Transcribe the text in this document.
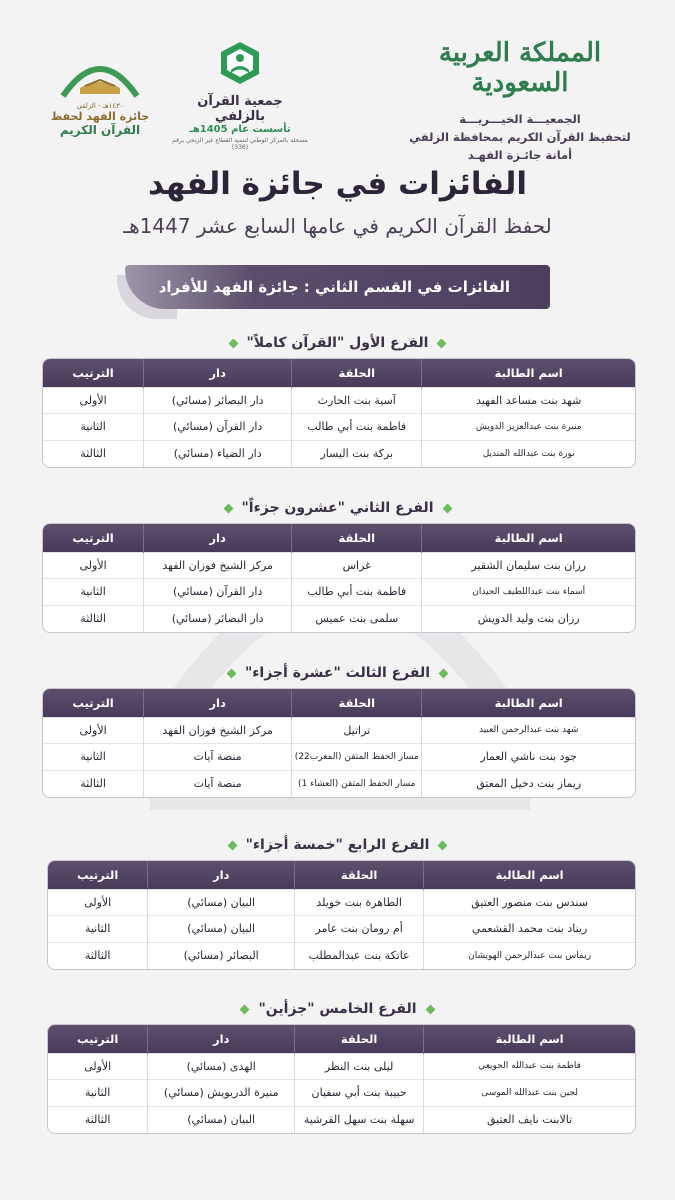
المملكة العربية السعودية
الجمعيـــة الخيـــريـــة
لتحفيظ القرآن الكريم بمحافظة الزلفي
أمانة جائـزة الفهـد
جمعية القرآن بالزلفي
تأسست عام 1405هـ
مسجلة بالمركز الوطني لتنمية القطاع غير الربحي برقم (336)
١٤٣٠هـ - الزلفي
جائزة الفهد لحفظ
القرآن الكريم
الفائزات في جائزة الفهد
لحفظ القرآن الكريم في عامها السابع عشر 1447هـ
الفائزات في القسم الثاني : جائزة الفهد للأفراد
الفرع الأول "القرآن كاملاً"
اسم الطالبة	الحلقة	دار	الترتيب
شهد بنت مساعد الفهيد	آسية بنت الحارث	دار البصائر (مسائي)	الأولى
منيرة بنت عبدالعزيز الدويش	فاطمة بنت أبي طالب	دار القرآن (مسائي)	الثانية
نورة بنت عبدالله المنديل	بركة بنت اليسار	دار الضياء (مسائي)	الثالثة
الفرع الثاني "عشرون جزءاً"
اسم الطالبة	الحلقة	دار	الترتيب
رزان بنت سليمان الشقير	غراس	مركز الشيخ فوزان الفهد	الأولى
أسماء بنت عبداللطيف الحيدان	فاطمة بنت أبي طالب	دار القرآن (مسائي)	الثانية
رزان بنت وليد الدويش	سلمى بنت عميس	دار البصائر (مسائي)	الثالثة
الفرع الثالث "عشرة أجزاء"
اسم الطالبة	الحلقة	دار	الترتيب
شهد بنت عبدالرحمن العبيد	تراتيل	مركز الشيخ فوزان الفهد	الأولى
جود بنت ناشي العمار	مسار الحفظ المتقن (المغرب22)	منصة آيات	الثانية
ريماز بنت دخيل المعتق	مسار الحفظ المتقن (العشاء 1)	منصة آيات	الثالثة
الفرع الرابع "خمسة أجزاء"
اسم الطالبة	الحلقة	دار	الترتيب
سندس بنت منصور العتيق	الطاهرة بنت خويلد	البيان (مسائي)	الأولى
ريناد بنت محمد القشعمي	أم رومان بنت عامر	البيان (مسائي)	الثانية
ريماس بنت عبدالرحمن الهويشان	عاتكة بنت عبدالمطلب	البصائر (مسائي)	الثالثة
الفرع الخامس "جزأين"
اسم الطالبة	الحلقة	دار	الترتيب
فاطمة بنت عبدالله الجويعي	ليلى بنت النظر	الهدى (مسائي)	الأولى
لجين بنت عبدالله الموسى	حبيبة بنت أبي سفيان	منيرة الدريويش (مسائي)	الثانية
تالابنت نايف العتيق	سهلة بنت سهل القرشية	البيان (مسائي)	الثالثة
